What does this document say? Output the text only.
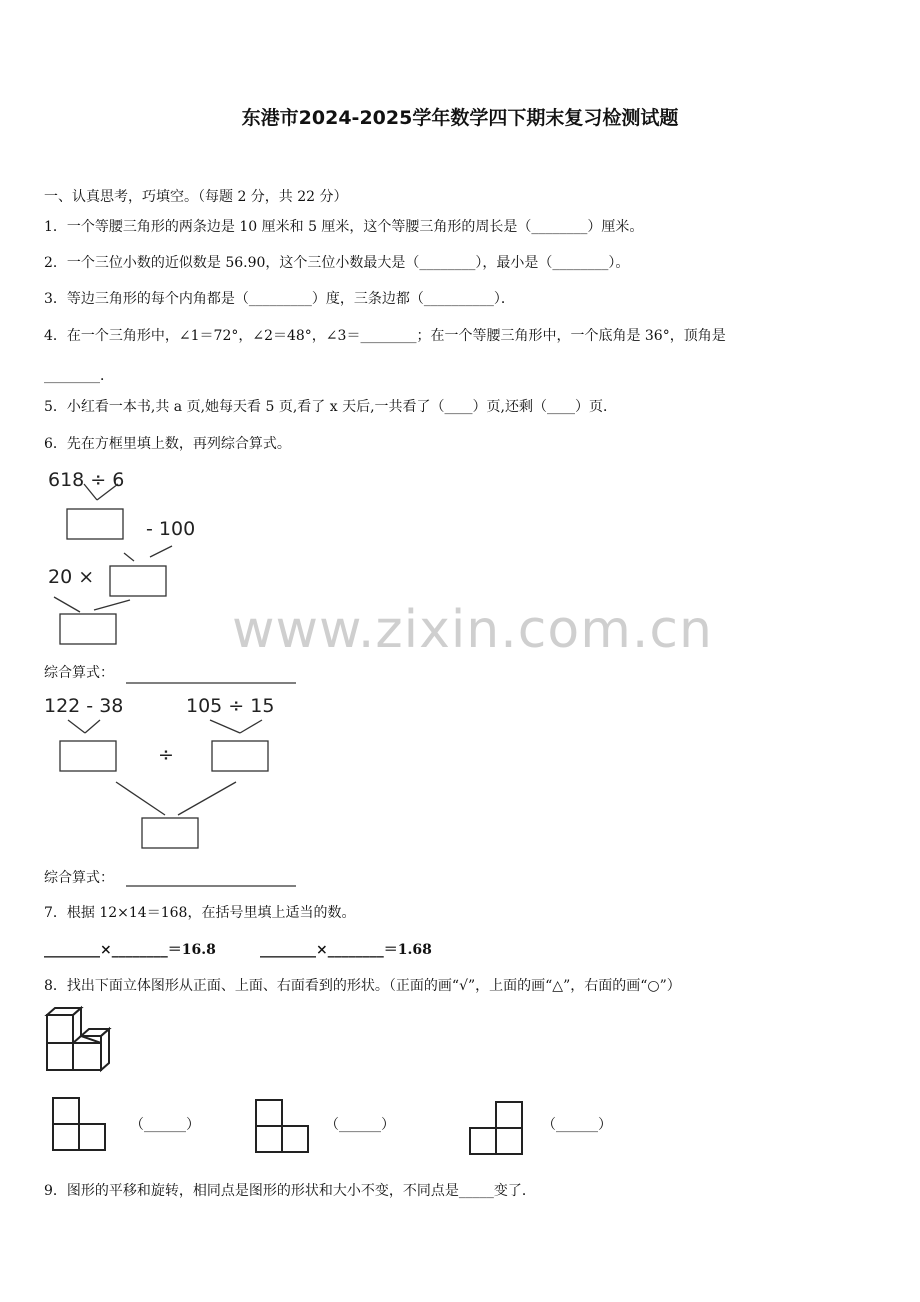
东港市2024-2025学年数学四下期末复习检测试题
一、认真思考，巧填空。（每题 2 分，共 22 分）
1．一个等腰三角形的两条边是 10 厘米和 5 厘米，这个等腰三角形的周长是（________）厘米。
2．一个三位小数的近似数是 56.90，这个三位小数最大是（________），最小是（________）。
3．等边三角形的每个内角都是（_________）度，三条边都（__________）．
4．在一个三角形中，∠1＝72°，∠2＝48°，∠3＝________；在一个等腰三角形中，一个底角是 36°，顶角是
________．
5．小红看一本书,共 a 页,她每天看 5 页,看了 x 天后,一共看了（____）页,还剩（____）页．
6．先在方框里填上数，再列综合算式。
618 ÷ 6
- 100
20 ×
www.zixin.com.cn
综合算式：
122 - 38	105 ÷ 15
÷
综合算式：
7．根据 12×14＝168，在括号里填上适当的数。
________×________＝16.8	________×________＝1.68
8．找出下面立体图形从正面、上面、右面看到的形状。（正面的画“√”，上面的画“△”，右面的画“○”）
（______）	（______）	（______）
9．图形的平移和旋转，相同点是图形的形状和大小不变，不同点是_____变了．
